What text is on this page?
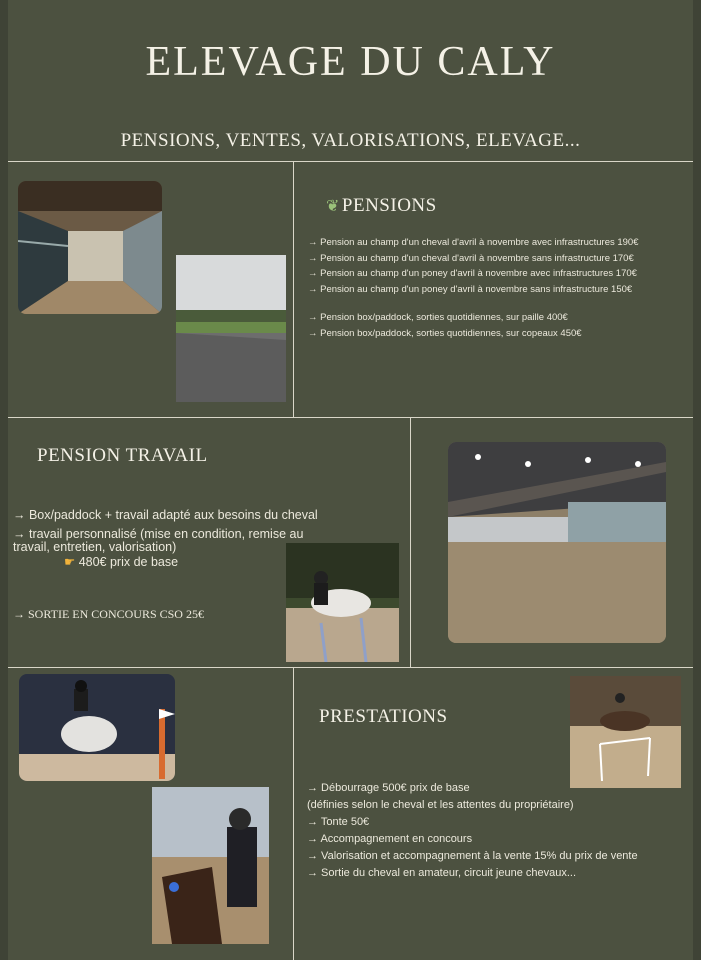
ELEVAGE DU CALY
PENSIONS, VENTES, VALORISATIONS, ELEVAGE...
❦ PENSIONS
→ Pension au champ d'un cheval d'avril à novembre avec infrastructures 190€
→ Pension au champ d'un cheval d'avril à novembre sans infrastructure 170€
→ Pension au champ d'un poney d'avril à novembre avec infrastructures 170€
→ Pension au champ d'un poney d'avril à novembre sans infrastructure 150€
→ Pension box/paddock, sorties quotidiennes, sur paille 400€
→ Pension box/paddock, sorties quotidiennes, sur copeaux 450€
PENSION TRAVAIL
→ Box/paddock + travail adapté aux besoins du cheval
→ travail personnalisé (mise en condition, remise au
travail, entretien, valorisation)
☛ 480€ prix de base
→ SORTIE EN CONCOURS CSO 25€
PRESTATIONS
→ Débourrage 500€ prix de base
(définies selon le cheval et les attentes du propriétaire)
→ Tonte 50€
→ Accompagnement en concours
→ Valorisation et accompagnement à la vente 15% du prix de vente
→ Sortie du cheval en amateur, circuit jeune chevaux...
